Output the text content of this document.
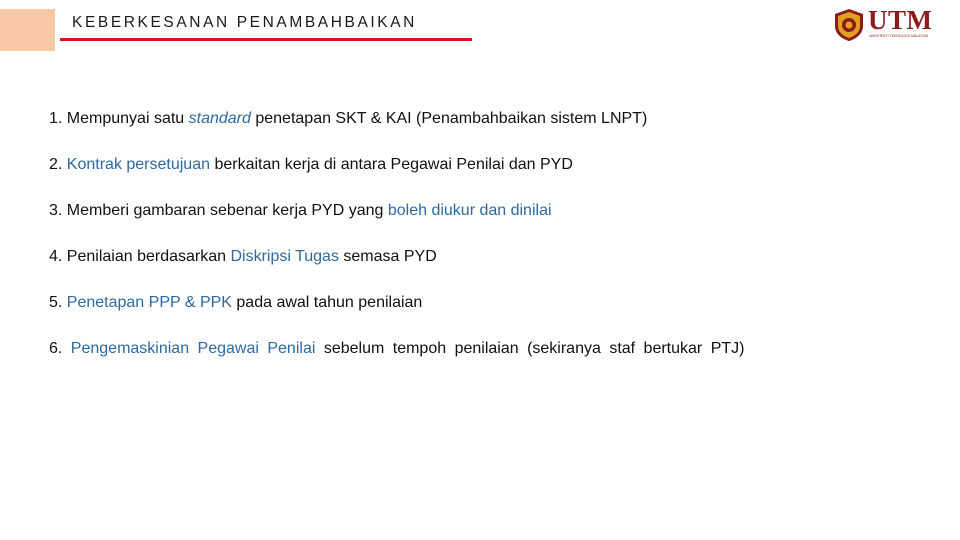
KEBERKESANAN PENAMBAHBAIKAN	UTM
UNIVERSITI TEKNOLOGI MALAYSIA
1. Mempunyai satu standard penetapan SKT & KAI (Penambahbaikan sistem LNPT)
2. Kontrak persetujuan berkaitan kerja di antara Pegawai Penilai dan PYD
3. Memberi gambaran sebenar kerja PYD yang boleh diukur dan dinilai
4. Penilaian berdasarkan Diskripsi Tugas semasa PYD
5. Penetapan PPP & PPK pada awal tahun penilaian
6. Pengemaskinian Pegawai Penilai sebelum tempoh penilaian (sekiranya staf bertukar PTJ)
